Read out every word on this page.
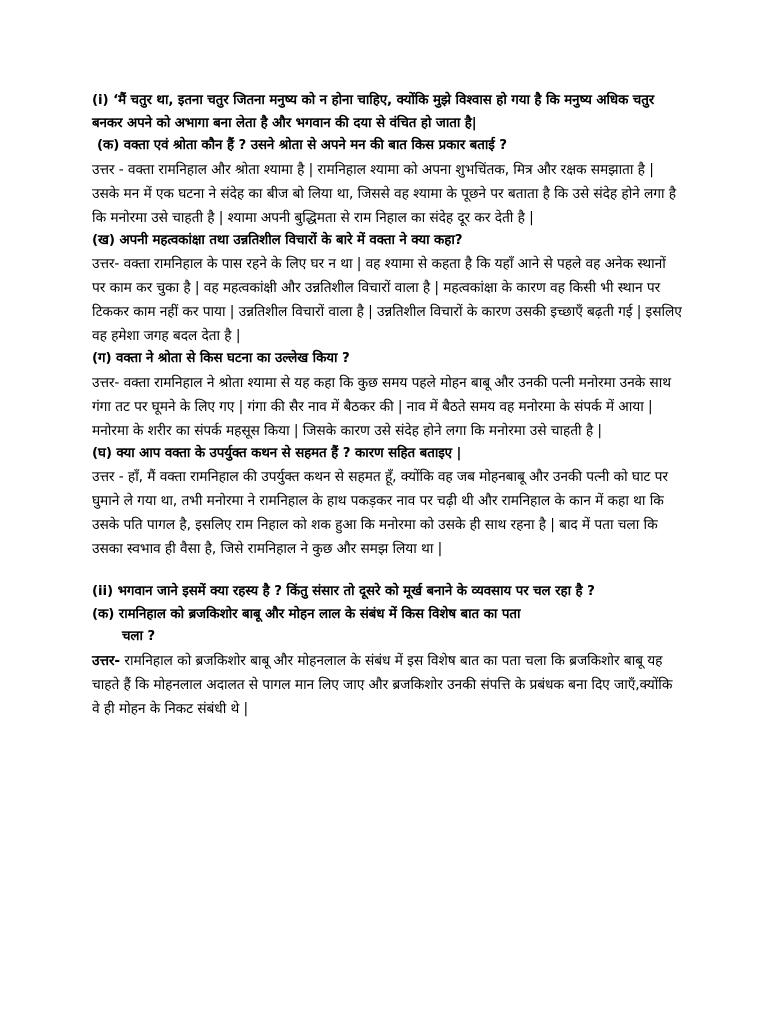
(i) ‘मैं चतुर था, इतना चतुर जितना मनुष्य को न होना चाहिए, क्योंकि मुझे विश्वास हो गया है कि मनुष्य अधिक चतुर बनकर अपने को अभागा बना लेता है और भगवान की दया से वंचित हो जाता है|

(क) वक्ता एवं श्रोता कौन हैं ? उसने श्रोता से अपने मन की बात किस प्रकार बताई ?

उत्तर - वक्ता रामनिहाल और श्रोता श्यामा है | रामनिहाल श्यामा को अपना शुभचिंतक, मित्र और रक्षक समझाता है | उसके मन में एक घटना ने संदेह का बीज बो लिया था, जिससे वह श्यामा के पूछने पर बताता है कि उसे संदेह होने लगा है कि मनोरमा उसे चाहती है | श्यामा अपनी बुद्धिमता से राम निहाल का संदेह दूर कर देती है |

(ख) अपनी महत्वकांक्षा तथा उन्नतिशील विचारों के बारे में वक्ता ने क्या कहा?

उत्तर- वक्ता रामनिहाल के पास रहने के लिए घर न था | वह श्यामा से कहता है कि यहाँ आने से पहले वह अनेक स्थानों पर काम कर चुका है | वह महत्वकांक्षी और उन्नतिशील विचारों वाला है | महत्वकांक्षा के कारण वह किसी भी स्थान पर टिककर काम नहीं कर पाया | उन्नतिशील विचारों वाला है | उन्नतिशील विचारों के कारण उसकी इच्छाएँ बढ़ती गई | इसलिए वह हमेशा जगह बदल देता है |

(ग) वक्ता ने श्रोता से किस घटना का उल्लेख किया ?

उत्तर- वक्ता रामनिहाल ने श्रोता श्यामा से यह कहा कि कुछ समय पहले मोहन बाबू और उनकी पत्नी मनोरमा उनके साथ गंगा तट पर घूमने के लिए गए | गंगा की सैर नाव में बैठकर की | नाव में बैठते समय वह मनोरमा के संपर्क में आया | मनोरमा के शरीर का संपर्क महसूस किया | जिसके कारण उसे संदेह होने लगा कि मनोरमा उसे चाहती है |

(घ) क्या आप वक्ता के उपर्युक्त कथन से सहमत हैं ? कारण सहित बताइए |

उत्तर - हाँ, मैं वक्ता रामनिहाल की उपर्युक्त कथन से सहमत हूँ, क्योंकि वह जब मोहनबाबू और उनकी पत्नी को घाट पर घुमाने ले गया था, तभी मनोरमा ने रामनिहाल के हाथ पकड़कर नाव पर चढ़ी थी और रामनिहाल के कान में कहा था कि उसके पति पागल है, इसलिए राम निहाल को शक हुआ कि मनोरमा को उसके ही साथ रहना है | बाद में पता चला कि उसका स्वभाव ही वैसा है, जिसे रामनिहाल ने कुछ और समझ लिया था |

(ii) भगवान जाने इसमें क्या रहस्य है ? किंतु संसार तो दूसरे को मूर्ख बनाने के व्यवसाय पर चल रहा है ?

(क) रामनिहाल को ब्रजकिशोर बाबू और मोहन लाल के संबंध में किस विशेष बात का पता

चला ?

उत्तर- रामनिहाल को ब्रजकिशोर बाबू और मोहनलाल के संबंध में इस विशेष बात का पता चला कि ब्रजकिशोर बाबू यह चाहते हैं कि मोहनलाल अदालत से पागल मान लिए जाए और ब्रजकिशोर उनकी संपत्ति के प्रबंधक बना दिए जाएँ,क्योंकि वे ही मोहन के निकट संबंधी थे |
